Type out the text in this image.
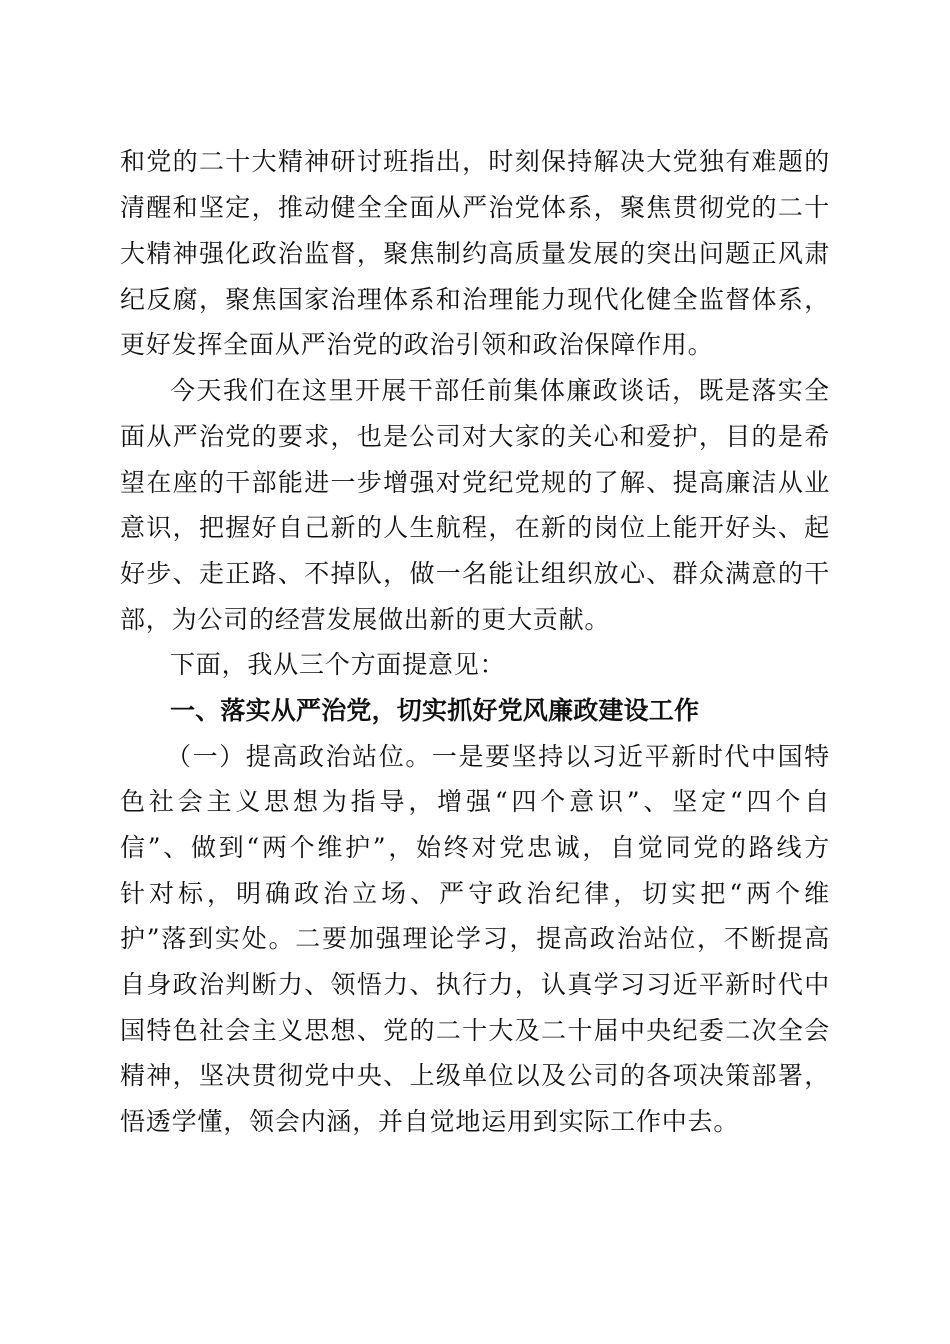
和党的二十大精神研讨班指出，时刻保持解决大党独有难题的
清醒和坚定，推动健全全面从严治党体系，聚焦贯彻党的二十
大精神强化政治监督，聚焦制约高质量发展的突出问题正风肃
纪反腐，聚焦国家治理体系和治理能力现代化健全监督体系，
更好发挥全面从严治党的政治引领和政治保障作用。
今天我们在这里开展干部任前集体廉政谈话，既是落实全
面从严治党的要求，也是公司对大家的关心和爱护，目的是希
望在座的干部能进一步增强对党纪党规的了解、提高廉洁从业
意识，把握好自己新的人生航程，在新的岗位上能开好头、起
好步、走正路、不掉队，做一名能让组织放心、群众满意的干
部，为公司的经营发展做出新的更大贡献。
下面，我从三个方面提意见：
一、落实从严治党，切实抓好党风廉政建设工作
（一）提高政治站位。一是要坚持以习近平新时代中国特
色社会主义思想为指导，增强“四个意识”、坚定“四个自
信”、做到“两个维护”，始终对党忠诚，自觉同党的路线方
针对标，明确政治立场、严守政治纪律，切实把“两个维
护”落到实处。二要加强理论学习，提高政治站位，不断提高
自身政治判断力、领悟力、执行力，认真学习习近平新时代中
国特色社会主义思想、党的二十大及二十届中央纪委二次全会
精神，坚决贯彻党中央、上级单位以及公司的各项决策部署，
悟透学懂，领会内涵，并自觉地运用到实际工作中去。
